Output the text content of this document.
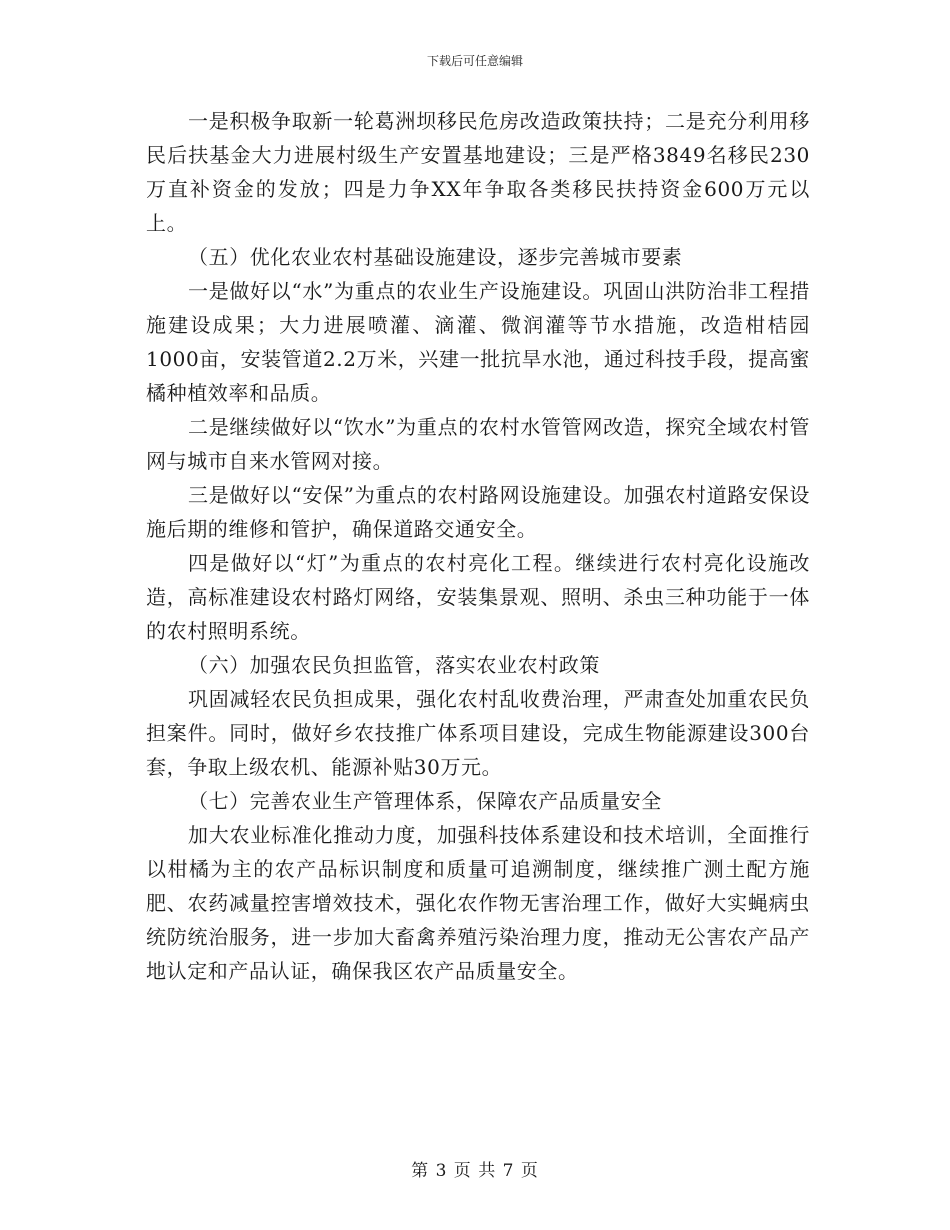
下载后可任意编辑

一是积极争取新一轮葛洲坝移民危房改造政策扶持；二是充分利用移民后扶基金大力进展村级生产安置基地建设；三是严格3849名移民230万直补资金的发放；四是力争XX年争取各类移民扶持资金600万元以上。

（五）优化农业农村基础设施建设，逐步完善城市要素

一是做好以“水”为重点的农业生产设施建设。巩固山洪防治非工程措施建设成果；大力进展喷灌、滴灌、微润灌等节水措施，改造柑桔园1000亩，安装管道2.2万米，兴建一批抗旱水池，通过科技手段，提高蜜橘种植效率和品质。

二是继续做好以“饮水”为重点的农村水管管网改造，探究全域农村管网与城市自来水管网对接。

三是做好以“安保”为重点的农村路网设施建设。加强农村道路安保设施后期的维修和管护，确保道路交通安全。

四是做好以“灯”为重点的农村亮化工程。继续进行农村亮化设施改造，高标准建设农村路灯网络，安装集景观、照明、杀虫三种功能于一体的农村照明系统。

（六）加强农民负担监管，落实农业农村政策

巩固减轻农民负担成果，强化农村乱收费治理，严肃查处加重农民负担案件。同时，做好乡农技推广体系项目建设，完成生物能源建设300台套，争取上级农机、能源补贴30万元。

（七）完善农业生产管理体系，保障农产品质量安全

加大农业标准化推动力度，加强科技体系建设和技术培训，全面推行以柑橘为主的农产品标识制度和质量可追溯制度，继续推广测土配方施肥、农药减量控害增效技术，强化农作物无害治理工作，做好大实蝇病虫统防统治服务，进一步加大畜禽养殖污染治理力度，推动无公害农产品产地认定和产品认证，确保我区农产品质量安全。

第 3 页 共 7 页
